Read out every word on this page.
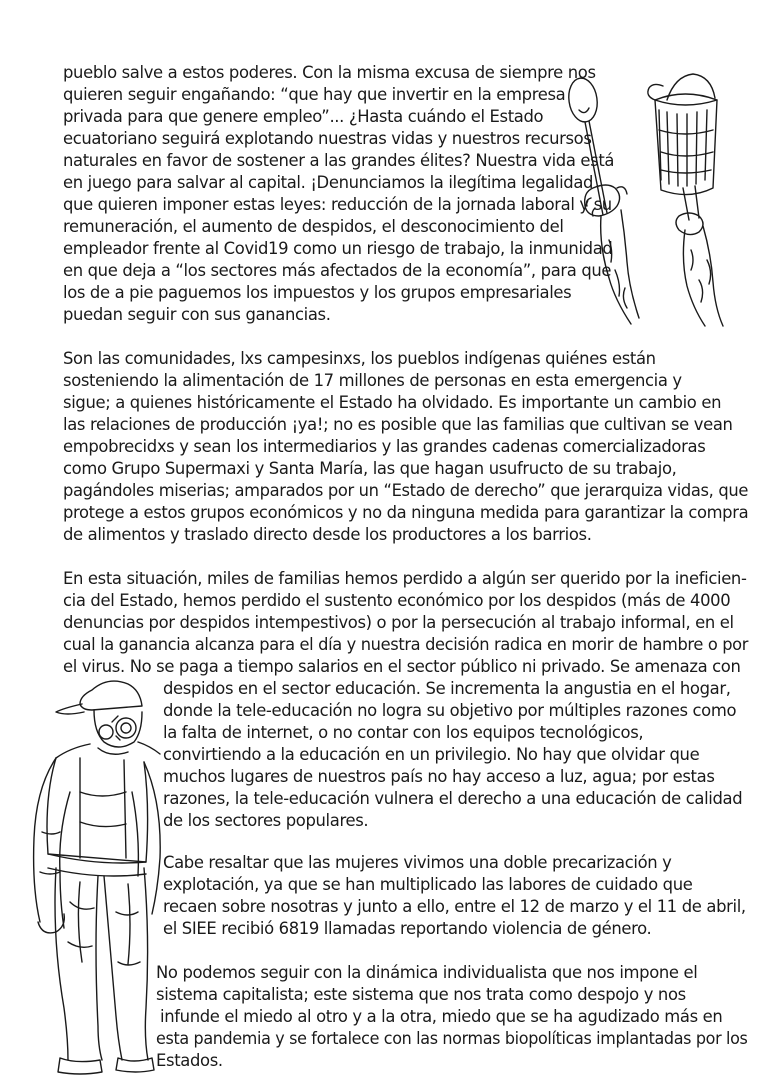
pueblo salve a estos poderes. Con la misma excusa de siempre nos
quieren seguir engañando: “que hay que invertir en la empresa
privada para que genere empleo”... ¿Hasta cuándo el Estado
ecuatoriano seguirá explotando nuestras vidas y nuestros recursos
naturales en favor de sostener a las grandes élites? Nuestra vida está
en juego para salvar al capital. ¡Denunciamos la ilegítima legalidad
que quieren imponer estas leyes: reducción de la jornada laboral y su
remuneración, el aumento de despidos, el desconocimiento del
empleador frente al Covid19 como un riesgo de trabajo, la inmunidad
en que deja a “los sectores más afectados de la economía”, para que
los de a pie paguemos los impuestos y los grupos empresariales
puedan seguir con sus ganancias.
Son las comunidades, lxs campesinxs, los pueblos indígenas quiénes están
sosteniendo la alimentación de 17 millones de personas en esta emergencia y
sigue; a quienes históricamente el Estado ha olvidado. Es importante un cambio en
las relaciones de producción ¡ya!; no es posible que las familias que cultivan se vean
empobrecidxs y sean los intermediarios y las grandes cadenas comercializadoras
como Grupo Supermaxi y Santa María, las que hagan usufructo de su trabajo,
pagándoles miserias; amparados por un “Estado de derecho” que jerarquiza vidas, que
protege a estos grupos económicos y no da ninguna medida para garantizar la compra
de alimentos y traslado directo desde los productores a los barrios.
En esta situación, miles de familias hemos perdido a algún ser querido por la ineficien-
cia del Estado, hemos perdido el sustento económico por los despidos (más de 4000
denuncias por despidos intempestivos) o por la persecución al trabajo informal, en el
cual la ganancia alcanza para el día y nuestra decisión radica en morir de hambre o por
el virus. No se paga a tiempo salarios en el sector público ni privado. Se amenaza con
despidos en el sector educación. Se incrementa la angustia en el hogar,
donde la tele-educación no logra su objetivo por múltiples razones como
la falta de internet, o no contar con los equipos tecnológicos,
convirtiendo a la educación en un privilegio. No hay que olvidar que
muchos lugares de nuestros país no hay acceso a luz, agua; por estas
razones, la tele-educación vulnera el derecho a una educación de calidad
de los sectores populares.
Cabe resaltar que las mujeres vivimos una doble precarización y
explotación, ya que se han multiplicado las labores de cuidado que
recaen sobre nosotras y junto a ello, entre el 12 de marzo y el 11 de abril,
el SIEE recibió 6819 llamadas reportando violencia de género.
No podemos seguir con la dinámica individualista que nos impone el
sistema capitalista; este sistema que nos trata como despojo y nos
infunde el miedo al otro y a la otra, miedo que se ha agudizado más en
esta pandemia y se fortalece con las normas biopolíticas implantadas por los
Estados.
